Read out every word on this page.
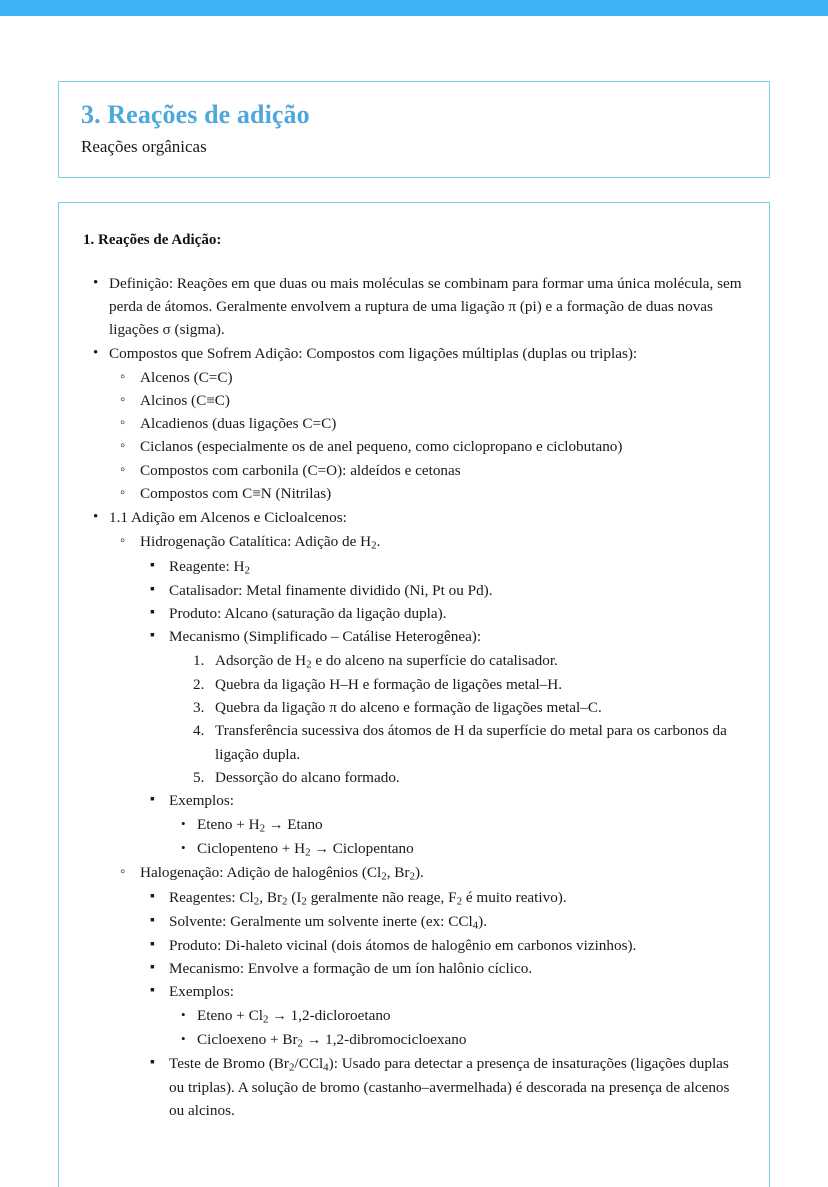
3. Reações de adição
Reações orgânicas
1. Reações de Adição:
• Definição: Reações em que duas ou mais moléculas se combinam para formar uma única molécula, sem perda de átomos. Geralmente envolvem a ruptura de uma ligação π (pi) e a formação de duas novas ligações σ (sigma).
• Compostos que Sofrem Adição: Compostos com ligações múltiplas (duplas ou triplas):
◦ Alcenos (C=C)
◦ Alcinos (C≡C)
◦ Alcadienos (duas ligações C=C)
◦ Ciclanos (especialmente os de anel pequeno, como ciclopropano e ciclobutano)
◦ Compostos com carbonila (C=O): aldeídos e cetonas
◦ Compostos com C≡N (Nitrilas)
• 1.1 Adição em Alcenos e Cicloalcenos:
◦ Hidrogenação Catalítica: Adição de $H_2$.
▪ Reagente: $H_2$
▪ Catalisador: Metal finamente dividido (Ni, Pt ou Pd).
▪ Produto: Alcano (saturação da ligação dupla).
▪ Mecanismo (Simplificado – Catálise Heterogênea):
Adsorção de $H_2$ e do alceno na superfície do catalisador.
Quebra da ligação H–H e formação de ligações metal–H.
Quebra da ligação π do alceno e formação de ligações metal–C.
Transferência sucessiva dos átomos de H da superfície do metal para os carbonos da ligação dupla.
Dessorção do alcano formado.
▪ Exemplos:
• Eteno + $H_2 \to Etano$
• Ciclopenteno + $H_2$ → Ciclopentano
◦ Halogenação: Adição de halogênios ($Cl_2$, $Br_2$).
▪ Reagentes: $Cl_2$, $Br_2$ ($I_2$ geralmente não reage, $F_2$ é muito reativo).
▪ Solvente: Geralmente um solvente inerte (ex: CCl$_4$).
▪ Produto: Di-haleto vicinal (dois átomos de halogênio em carbonos vizinhos).
▪ Mecanismo: Envolve a formação de um íon halônio cíclico.
▪ Exemplos:
• Eteno + $Cl_2$ → 1,2-dicloroetano
• Cicloexeno + $Br_2$ → 1,2-dibromocicloexano
▪ Teste de Bromo $(Br_2/CCl_4)$: Usado para detectar a presença de insaturações (ligações duplas ou triplas). A solução de bromo (castanho–avermelhada) é descorada na presença de alcenos ou alcinos.
